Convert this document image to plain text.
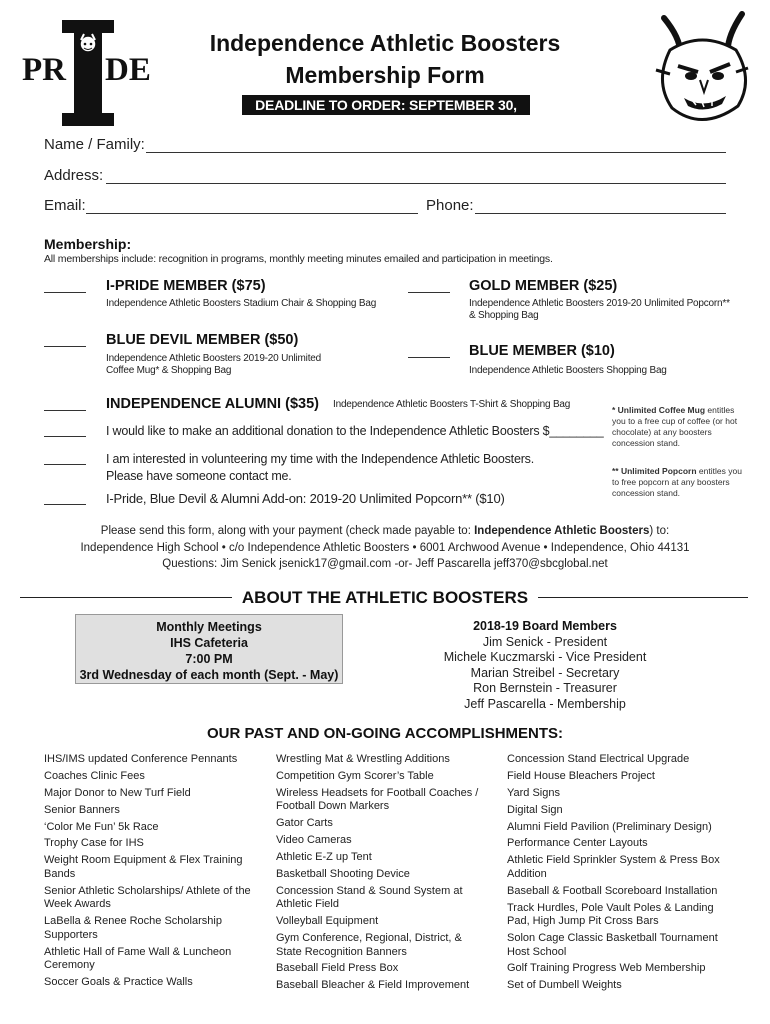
PR DE
Independence Athletic Boosters
Membership Form
DEADLINE TO ORDER: SEPTEMBER 30, 2019
Name / Family:
Address:
Email:	Phone:
Membership:
All memberships include: recognition in programs, monthly meeting minutes emailed and participation in meetings.
I-PRIDE MEMBER ($75)
Independence Athletic Boosters Stadium Chair & Shopping Bag
GOLD MEMBER ($25)
Independence Athletic Boosters 2019-20 Unlimited Popcorn**
& Shopping Bag
BLUE DEVIL MEMBER ($50)
Independence Athletic Boosters 2019-20 Unlimited
Coffee Mug* & Shopping Bag
BLUE MEMBER ($10)
Independence Athletic Boosters Shopping Bag
INDEPENDENCE ALUMNI ($35) Independence Athletic Boosters T-Shirt & Shopping Bag
I would like to make an additional donation to the Independence Athletic Boosters $________
I am interested in volunteering my time with the Independence Athletic Boosters.
Please have someone contact me.
I-Pride, Blue Devil & Alumni Add-on: 2019-20 Unlimited Popcorn** ($10)
* Unlimited Coffee Mug entitles you to a free cup of coffee (or hot chocolate) at any boosters concession stand.
** Unlimited Popcorn entitles you to free popcorn at any boosters concession stand.
Please send this form, along with your payment (check made payable to: Independence Athletic Boosters) to:
Independence High School • c/o Independence Athletic Boosters • 6001 Archwood Avenue • Independence, Ohio 44131
Questions: Jim Senick jsenick17@gmail.com -or- Jeff Pascarella jeff370@sbcglobal.net
ABOUT THE ATHLETIC BOOSTERS
Monthly Meetings
IHS Cafeteria
7:00 PM
3rd Wednesday of each month (Sept. - May)
2018-19 Board Members
Jim Senick - President
Michele Kuczmarski - Vice President
Marian Streibel - Secretary
Ron Bernstein - Treasurer
Jeff Pascarella - Membership
OUR PAST AND ON-GOING ACCOMPLISHMENTS:
IHS/IMS updated Conference Pennants
Coaches Clinic Fees
Major Donor to New Turf Field
Senior Banners
‘Color Me Fun’ 5k Race
Trophy Case for IHS
Weight Room Equipment & Flex Training Bands
Senior Athletic Scholarships/ Athlete of the Week Awards
LaBella & Renee Roche Scholarship Supporters
Athletic Hall of Fame Wall & Luncheon Ceremony
Soccer Goals & Practice Walls
Wrestling Mat & Wrestling Additions
Competition Gym Scorer’s Table
Wireless Headsets for Football Coaches / Football Down Markers
Gator Carts
Video Cameras
Athletic E-Z up Tent
Basketball Shooting Device
Concession Stand & Sound System at Athletic Field
Volleyball Equipment
Gym Conference, Regional, District, & State Recognition Banners
Baseball Field Press Box
Baseball Bleacher & Field Improvement
Concession Stand Electrical Upgrade
Field House Bleachers Project
Yard Signs
Digital Sign
Alumni Field Pavilion (Preliminary Design)
Performance Center Layouts
Athletic Field Sprinkler System & Press Box Addition
Baseball & Football Scoreboard Installation
Track Hurdles, Pole Vault Poles & Landing Pad, High Jump Pit Cross Bars
Solon Cage Classic Basketball Tournament Host School
Golf Training Progress Web Membership
Set of Dumbell Weights
